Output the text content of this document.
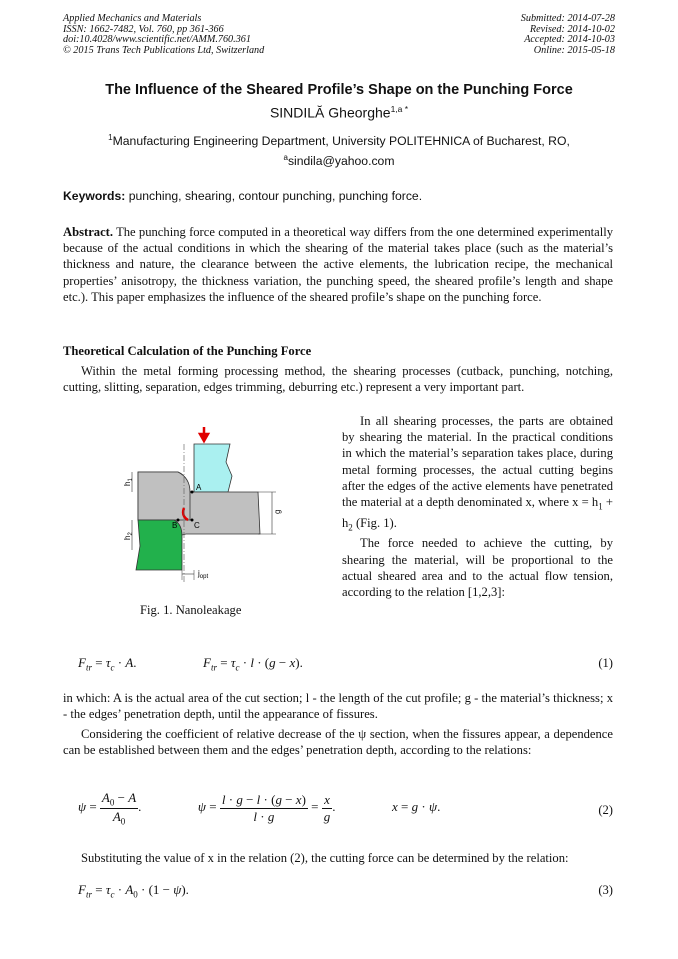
Applied Mechanics and Materials
ISSN: 1662-7482, Vol. 760, pp 361-366
doi:10.4028/www.scientific.net/AMM.760.361
© 2015 Trans Tech Publications Ltd, Switzerland
Submitted: 2014-07-28
Revised: 2014-10-02
Accepted: 2014-10-03
Online: 2015-05-18
The Influence of the Sheared Profile’s Shape on the Punching Force
SINDILĂ Gheorghe$^{1,a *}$
$^1$Manufacturing Engineering Department, University POLITEHNICA of Bucharest, RO,
$^a$sindila@yahoo.com
Keywords: punching, shearing, contour punching, punching force.
Abstract. The punching force computed in a theoretical way differs from the one determined experimentally because of the actual conditions in which the shearing of the material takes place (such as the material’s thickness and nature, the clearance between the active elements, the lubrication recipe, the mechanical properties’ anisotropy, the thickness variation, the punching speed, the sheared profile’s length and shape etc.). This paper emphasizes the influence of the sheared profile’s shape on the punching force.
Theoretical Calculation of the Punching Force
Within the metal forming processing method, the shearing processes (cutback, punching, notching, cutting, slitting, separation, edges trimming, deburring etc.) represent a very important part.
$h_1$
$h_2$
g
A
B C
$j_{opt}$

In all shearing processes, the parts are obtained by shearing the material. In the practical conditions in which the material’s separation takes place, during metal forming processes, the actual cutting begins after the edges of the active elements have penetrated the material at a depth denominated x, where $x = h_1 + h_2$ (Fig. 1).

The force needed to achieve the cutting, by shearing the material, will be proportional to the actual sheared area and to the actual flow tension, according to the relation [1,2,3]:

Fig. 1. Nanoleakage
$F_{tr} = \tau_c \cdot A$.	$F_{tr} = \tau_c \cdot l \cdot (g - x)$.	(1)
in which: A is the actual area of the cut section; l - the length of the cut profile; g - the material’s thickness; x - the edges’ penetration depth, until the appearance of fissures.
Considering the coefficient of relative decrease of the ψ section, when the fissures appear, a dependence can be established between them and the edges’ penetration depth, according to the relations:
$\psi = \frac{A_0 - A}{A_0}$ .	$\psi = \frac{l \cdot g - l \cdot (g - x)}{l \cdot g} = \frac{x}{g}$ .	x = g · ψ.	(2)
Substituting the value of x in the relation (2), the cutting force can be determined by the relation:
$F_{tr} = \tau_c \cdot A_0 \cdot (1 - \psi)$.	(3)
